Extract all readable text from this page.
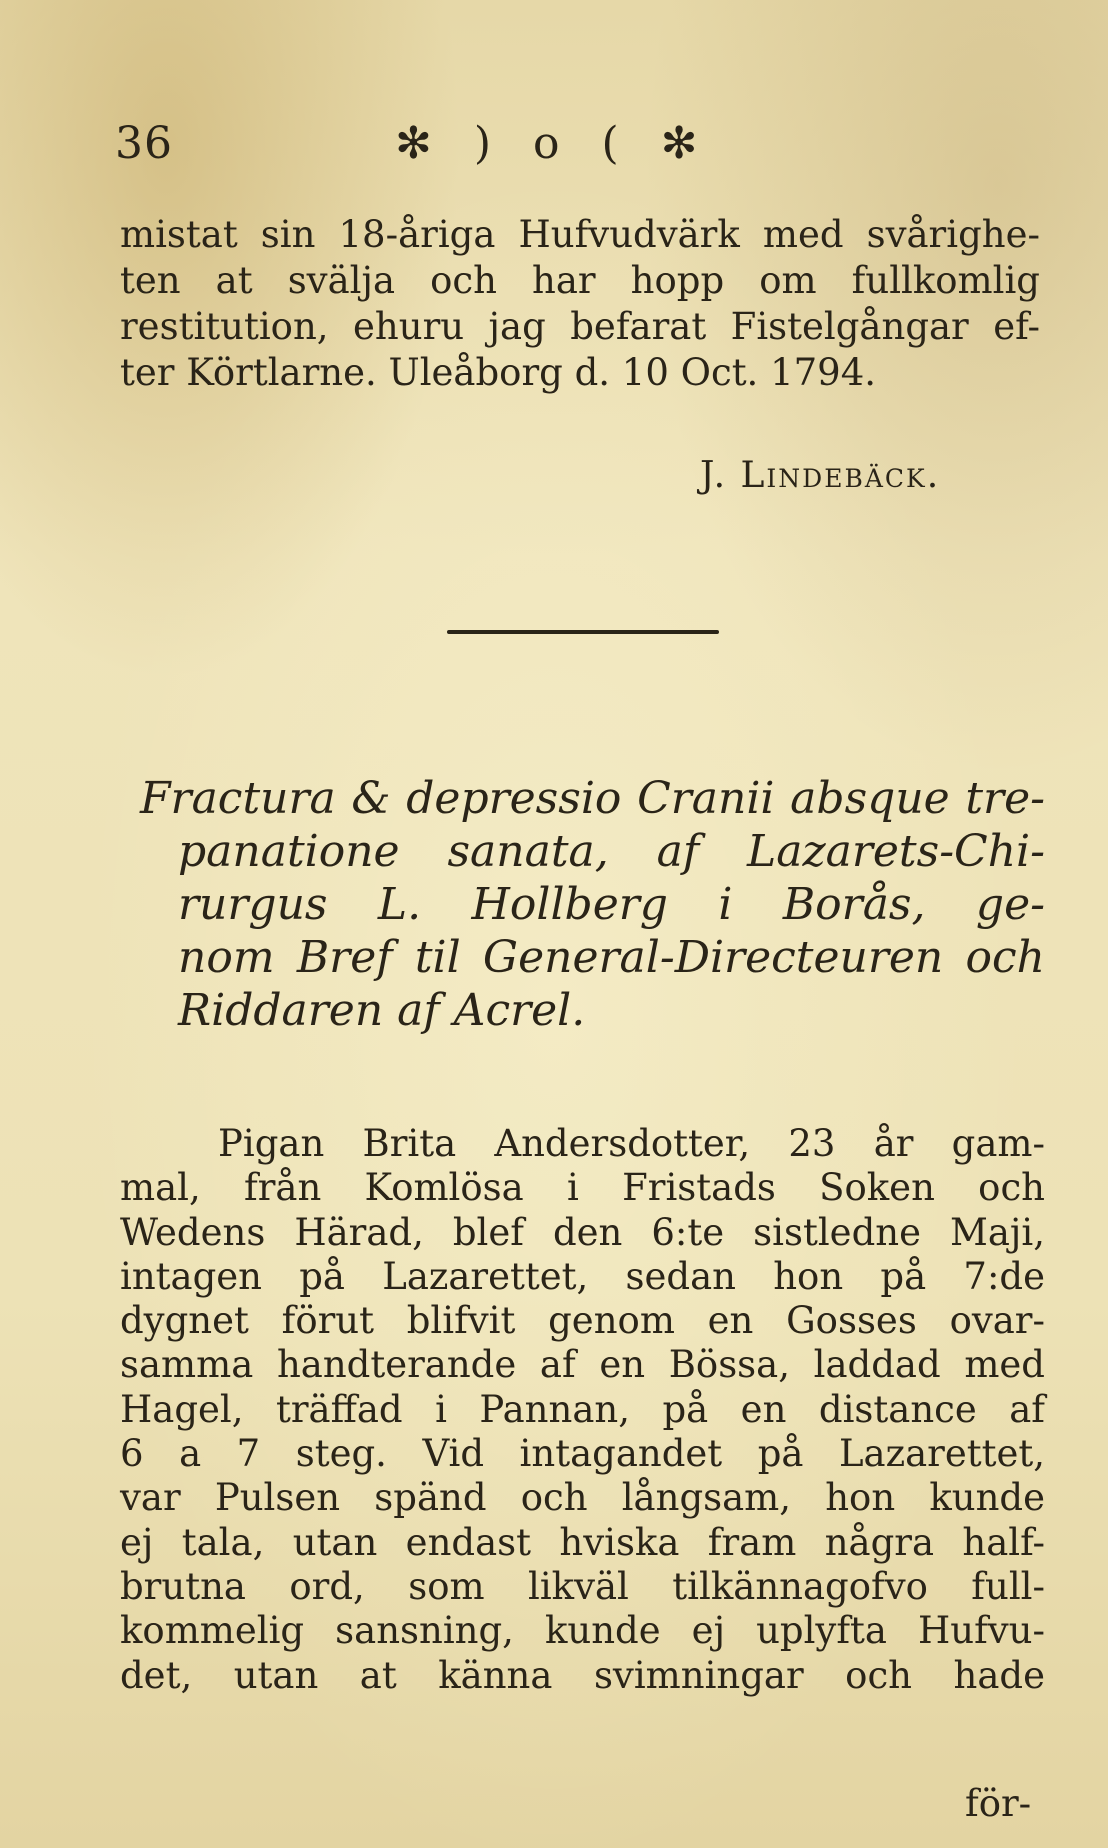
36	✻ ) o ( ✻
mistat sin 18-åriga Hufvudvärk med svårighe-
ten at svälja och har hopp om fullkomlig
restitution, ehuru jag befarat Fistelgångar ef-
ter Körtlarne. Uleåborg d. 10 Oct. 1794.
J. Lindebäck.
Fractura & depressio Cranii absque tre-
panatione sanata, af Lazarets-Chi-
rurgus L. Hollberg i Borås, ge-
nom Bref til General-Directeuren och
Riddaren af Acrel.
Pigan Brita Andersdotter, 23 år gam-
mal, från Komlösa i Fristads Soken och
Wedens Härad, blef den 6:te sistledne Maji,
intagen på Lazarettet, sedan hon på 7:de
dygnet förut blifvit genom en Gosses ovar-
samma handterande af en Bössa, laddad med
Hagel, träffad i Pannan, på en distance af
6 a 7 steg. Vid intagandet på Lazarettet,
var Pulsen spänd och långsam, hon kunde
ej tala, utan endast hviska fram några half-
brutna ord, som likväl tilkännagofvo full-
kommelig sansning, kunde ej uplyfta Hufvu-
det, utan at känna svimningar och hade
för-
